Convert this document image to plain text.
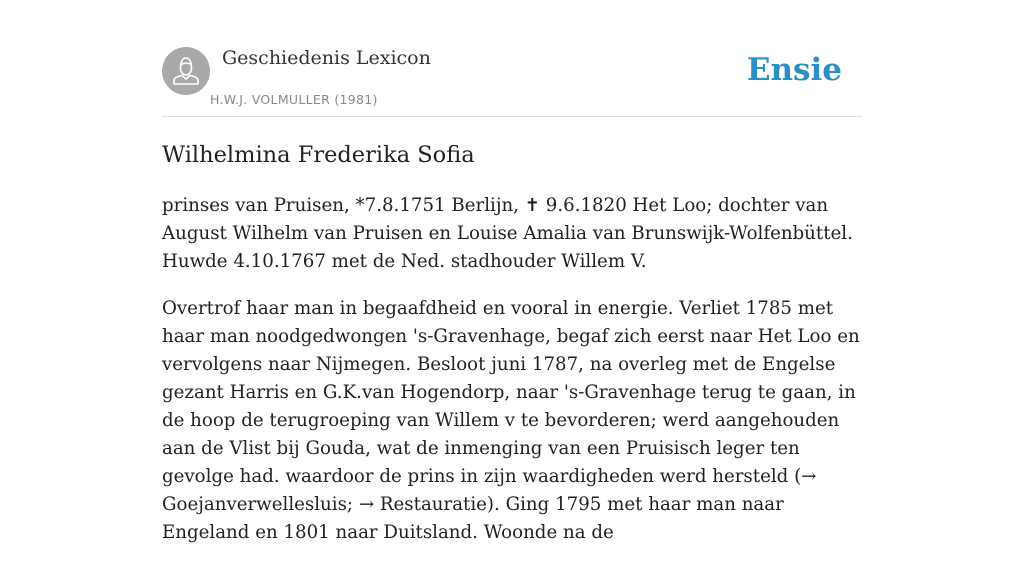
Geschiedenis Lexicon
H.W.J. VOLMULLER (1981)
Ensie
Wilhelmina Frederika Sofia

prinses van Pruisen, *7.8.1751 Berlijn, ✝ 9.6.1820 Het Loo; dochter van August Wilhelm van Pruisen en Louise Amalia van Brunswijk-Wolfenbüttel. Huwde 4.10.1767 met de Ned. stadhouder Willem V.

Overtrof haar man in begaafdheid en vooral in energie. Verliet 1785 met haar man noodgedwongen 's-Gravenhage, begaf zich eerst naar Het Loo en vervolgens naar Nijmegen. Besloot juni 1787, na overleg met de Engelse gezant Harris en G.K.van Hogendorp, naar 's-Gravenhage terug te gaan, in de hoop de terugroeping van Willem v te bevorderen; werd aangehouden aan de Vlist bij Gouda, wat de inmenging van een Pruisisch leger ten gevolge had. waardoor de prins in zijn waardigheden werd hersteld (→ Goejanverwellesluis; → Restauratie). Ging 1795 met haar man naar Engeland en 1801 naar Duitsland. Woonde na de
